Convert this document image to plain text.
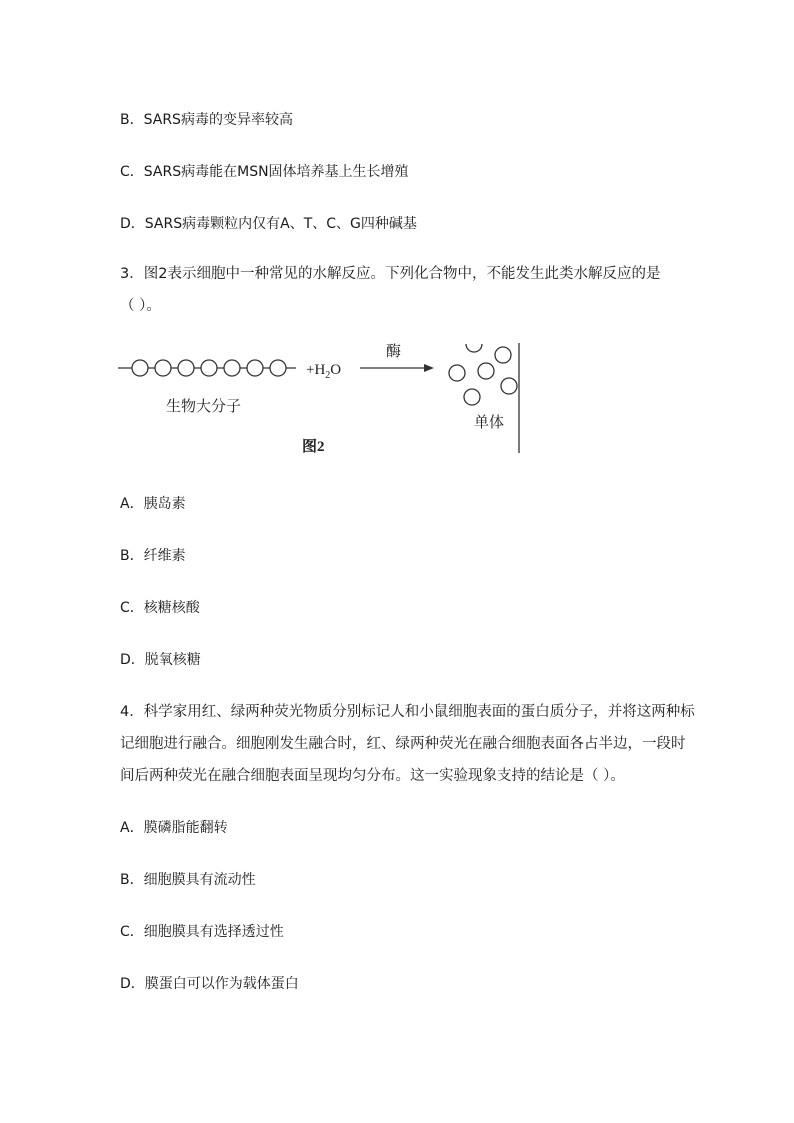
B．SARS病毒的变异率较高
C．SARS病毒能在MSN固体培养基上生长增殖
D．SARS病毒颗粒内仅有A、T、C、G四种碱基
3．图2表示细胞中一种常见的水解反应。下列化合物中，不能发生此类水解反应的是
（ ）。
$+H_2O$
酶
生物大分子
单体
图2
A．胰岛素
B．纤维素
C．核糖核酸
D．脱氧核糖
4．科学家用红、绿两种荧光物质分别标记人和小鼠细胞表面的蛋白质分子，并将这两种标
记细胞进行融合。细胞刚发生融合时，红、绿两种荧光在融合细胞表面各占半边，一段时
间后两种荧光在融合细胞表面呈现均匀分布。这一实验现象支持的结论是（ ）。
A．膜磷脂能翻转
B．细胞膜具有流动性
C．细胞膜具有选择透过性
D．膜蛋白可以作为载体蛋白
